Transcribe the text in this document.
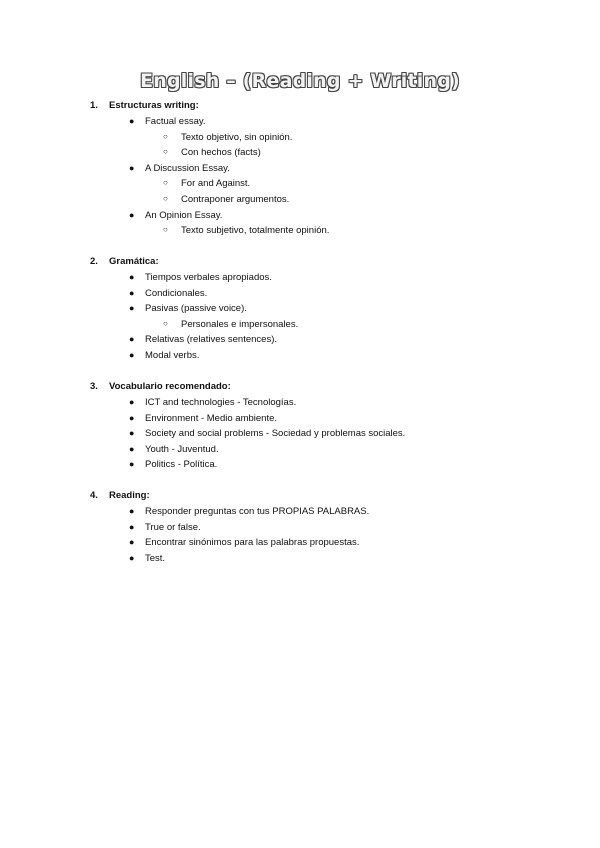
English – (Reading + Writing)
1. Estructuras writing:
● Factual essay.
○ Texto objetivo, sin opinión.
○ Con hechos (facts)
● A Discussion Essay.
○ For and Against.
○ Contraponer argumentos.
● An Opinion Essay.
○ Texto subjetivo, totalmente opinión.
2. Gramática:
● Tiempos verbales apropiados.
● Condicionales.
● Pasivas (passive voice).
○ Personales e impersonales.
● Relativas (relatives sentences).
● Modal verbs.
3. Vocabulario recomendado:
● ICT and technologies - Tecnologías.
● Environment - Medio ambiente.
● Society and social problems - Sociedad y problemas sociales.
● Youth - Juventud.
● Politics - Política.
4. Reading:
● Responder preguntas con tus PROPIAS PALABRAS.
● True or false.
● Encontrar sinónimos para las palabras propuestas.
● Test.
